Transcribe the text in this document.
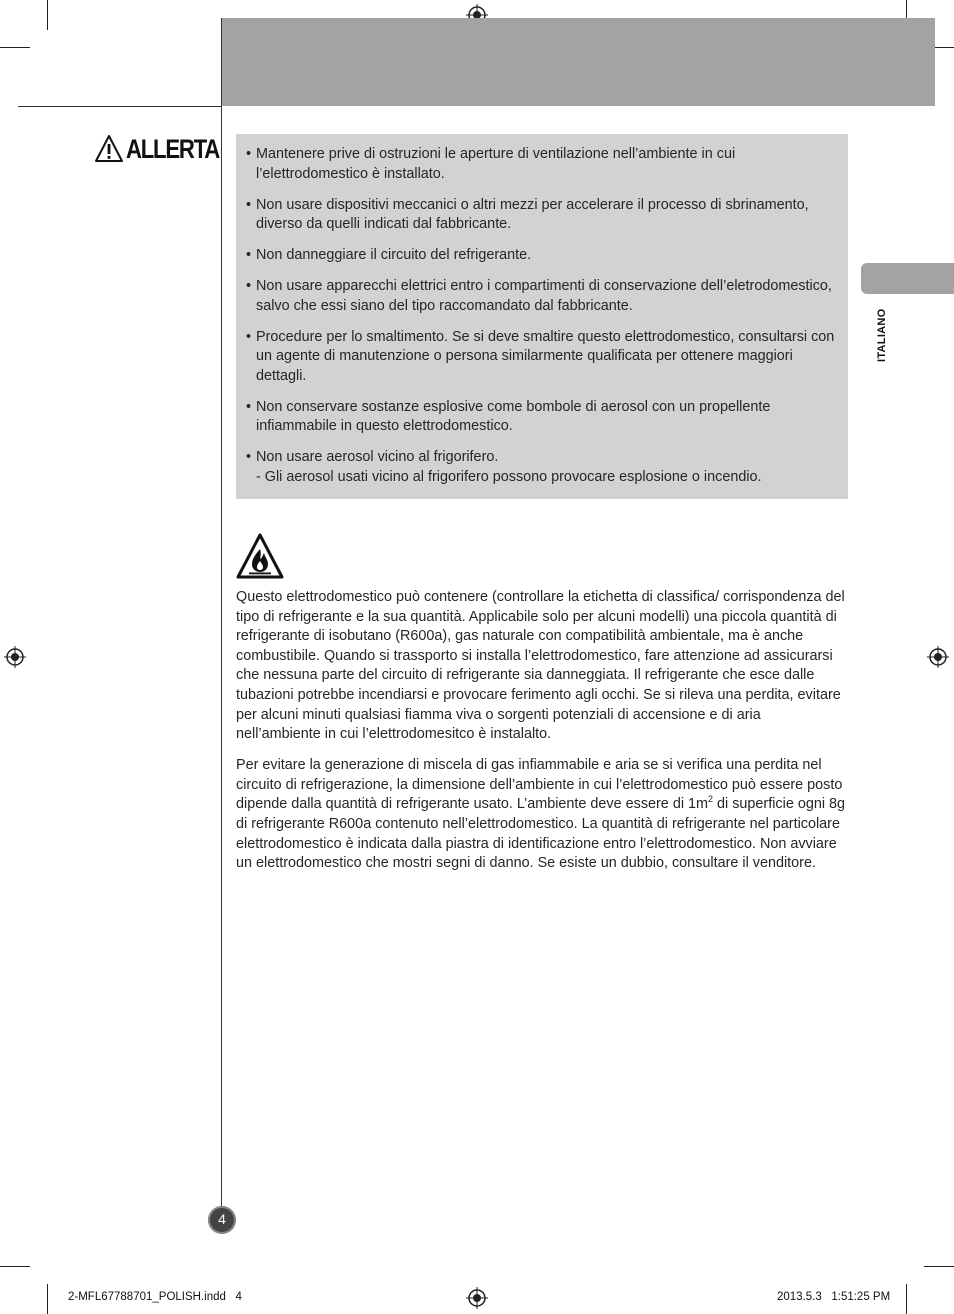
ALLERTA • Mantenere prive di ostruzioni le aperture di ventilazione nell’ambiente in cui l’elettrodomestico è installato.
• Non usare dispositivi meccanici o altri mezzi per accelerare il processo di sbrinamento, diverso da quelli indicati dal fabbricante.
• Non danneggiare il circuito del refrigerante.
• Non usare apparecchi elettrici entro i compartimenti di conservazione dell’eletrodomestico, salvo che essi siano del tipo raccomandato dal fabbricante.
• Procedure per lo smaltimento. Se si deve smaltire questo elettrodomestico, consultarsi con un agente di manutenzione o persona similarmente qualificata per ottenere maggiori dettagli.
• Non conservare sostanze esplosive come bombole di aerosol con un propellente infiammabile in questo elettrodomestico.
• Non usare aerosol vicino al frigorifero.
- Gli aerosol usati vicino al frigorifero possono provocare esplosione o incendio.

Questo elettrodomestico può contenere (controllare la etichetta di classifica/ corrispondenza del tipo di refrigerante e la sua quantità. Applicabile solo per alcuni modelli) una piccola quantità di refrigerante di isobutano (R600a), gas naturale con compatibilità ambientale, ma è anche combustibile. Quando si trassporto si installa l’elettrodomestico, fare attenzione ad assicurarsi che nessuna parte del circuito di refrigerante sia danneggiata. Il refrigerante che esce dalle tubazioni potrebbe incendiarsi e provocare ferimento agli occhi. Se si rileva una perdita, evitare per alcuni minuti qualsiasi fiamma viva o sorgenti potenziali di accensione e di aria nell’ambiente in cui l’elettrodomesitco è instalalto.

Per evitare la generazione di miscela di gas infiammabile e aria se si verifica una perdita nel circuito di refrigerazione, la dimensione dell’ambiente in cui l’elettrodomestico può essere posto dipende dalla quantità di refrigerante usato. L’ambiente deve essere di $1m^2$ di superficie ogni 8g di refrigerante R600a contenuto nell’elettrodomestico. La quantità di refrigerante nel particolare elettrodomestico è indicata dalla piastra di identificazione entro l’elettrodomestico. Non avviare un elettrodomestico che mostri segni di danno. Se esiste un dubbio, consultare il venditore.

ITALIANO
4
2-MFL67788701_POLISH.indd   4	2013.5.3   1:51:25 PM
